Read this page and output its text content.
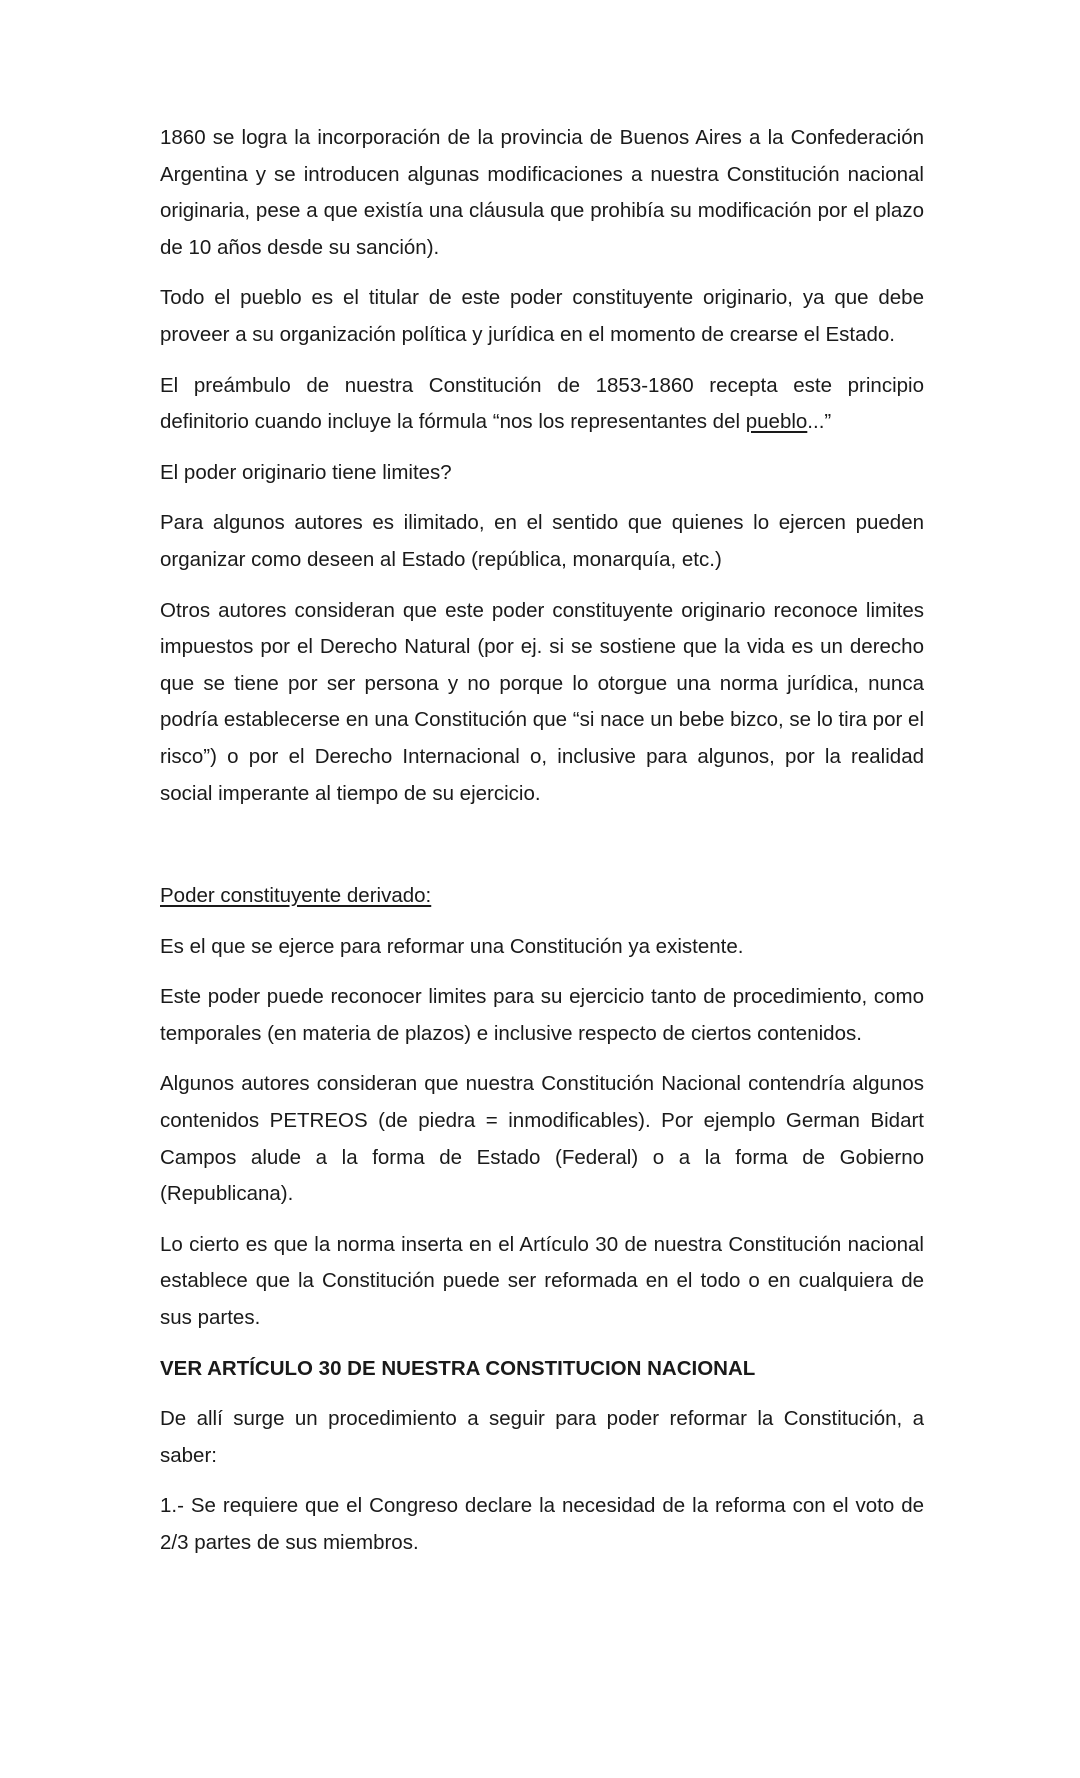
1860 se logra la incorporación de la provincia de Buenos Aires a la Confederación Argentina y se introducen algunas modificaciones a nuestra Constitución nacional originaria, pese a que existía una cláusula que prohibía su modificación por el plazo de 10 años desde su sanción).

Todo el pueblo es el titular de este poder constituyente originario, ya que debe proveer a su organización política y jurídica en el momento de crearse el Estado.

El preámbulo de nuestra Constitución de 1853-1860 recepta este principio definitorio cuando incluye la fórmula “nos los representantes del pueblo...”

El poder originario tiene limites?

Para algunos autores es ilimitado, en el sentido que quienes lo ejercen pueden organizar como deseen al Estado (república, monarquía, etc.)

Otros autores consideran que este poder constituyente originario reconoce limites impuestos por el Derecho Natural (por ej. si se sostiene que la vida es un derecho que se tiene por ser persona y no porque lo otorgue una norma jurídica, nunca podría establecerse en una Constitución que “si nace un bebe bizco, se lo tira por el risco”) o por el Derecho Internacional o, inclusive para algunos, por la realidad social imperante al tiempo de su ejercicio.

Poder constituyente derivado:

Es el que se ejerce para reformar una Constitución ya existente.

Este poder puede reconocer limites para su ejercicio tanto de procedimiento, como temporales (en materia de plazos) e inclusive respecto de ciertos contenidos.

Algunos autores consideran que nuestra Constitución Nacional contendría algunos contenidos PETREOS (de piedra = inmodificables). Por ejemplo German Bidart Campos alude a la forma de Estado (Federal) o a la forma de Gobierno (Republicana).

Lo cierto es que la norma inserta en el Artículo 30 de nuestra Constitución nacional establece que la Constitución puede ser reformada en el todo o en cualquiera de sus partes.

VER ARTÍCULO 30 DE NUESTRA CONSTITUCION NACIONAL

De allí surge un procedimiento a seguir para poder reformar la Constitución, a saber:

1.- Se requiere que el Congreso declare la necesidad de la reforma con el voto de 2/3 partes de sus miembros.
